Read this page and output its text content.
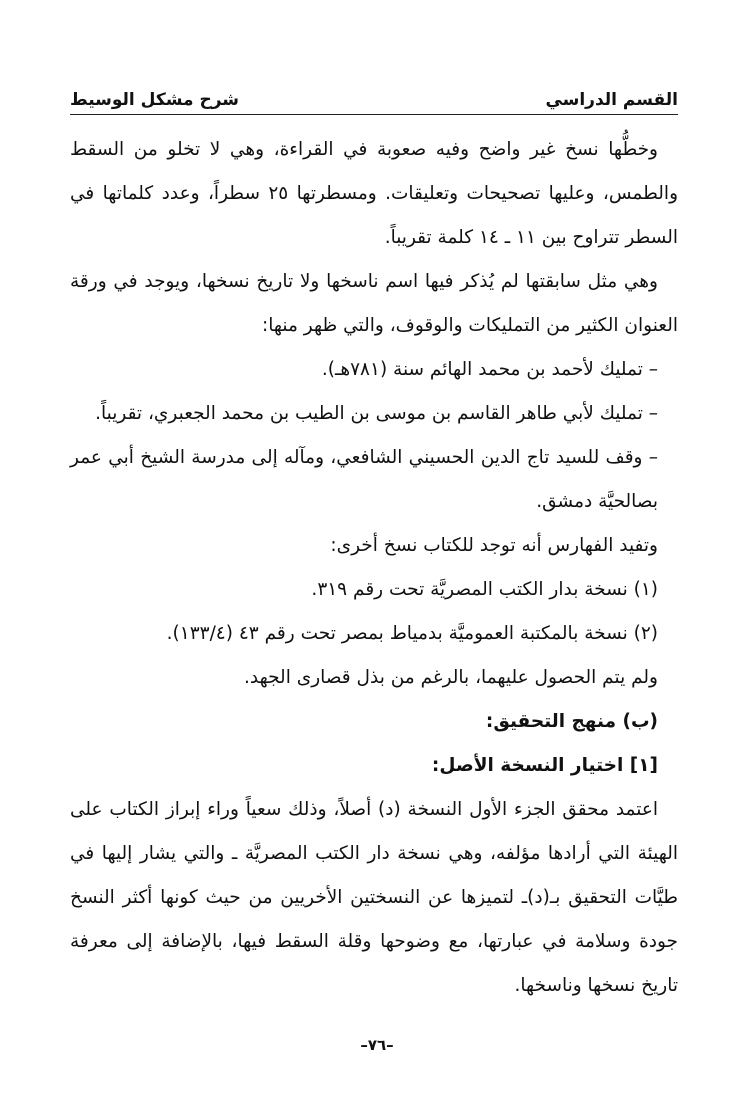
القسم الدراسي
شرح مشكل الوسيط

وخطُّها نسخ غير واضح وفيه صعوبة في القراءة، وهي لا تخلو من السقط والطمس، وعليها تصحيحات وتعليقات. ومسطرتها ٢٥ سطراً، وعدد كلماتها في السطر تتراوح بين ١١ ـ ١٤ كلمة تقريباً.

وهي مثل سابقتها لم يُذكر فيها اسم ناسخها ولا تاريخ نسخها، ويوجد في ورقة العنوان الكثير من التمليكات والوقوف، والتي ظهر منها:

– تمليك لأحمد بن محمد الهائم سنة (٧٨١هـ).

– تمليك لأبي طاهر القاسم بن موسى بن الطيب بن محمد الجعبري، تقريباً.

– وقف للسيد تاج الدين الحسيني الشافعي، ومآله إلى مدرسة الشيخ أبي عمر بصالحيَّة دمشق.

وتفيد الفهارس أنه توجد للكتاب نسخ أخرى:

(١) نسخة بدار الكتب المصريَّة تحت رقم ٣١٩.

(٢) نسخة بالمكتبة العموميَّة بدمياط بمصر تحت رقم ٤٣ (١٣٣/٤).

ولم يتم الحصول عليهما، بالرغم من بذل قصارى الجهد.

(ب) منهج التحقيق:

[١] اختيار النسخة الأصل:

اعتمد محقق الجزء الأول النسخة (د) أصلاً، وذلك سعياً وراء إبراز الكتاب على الهيئة التي أرادها مؤلفه، وهي نسخة دار الكتب المصريَّة ـ والتي يشار إليها في طيَّات التحقيق بـ(د)ـ لتميزها عن النسختين الأخريين من حيث كونها أكثر النسخ جودة وسلامة في عبارتها، مع وضوحها وقلة السقط فيها، بالإضافة إلى معرفة تاريخ نسخها وناسخها.

–٧٦–
